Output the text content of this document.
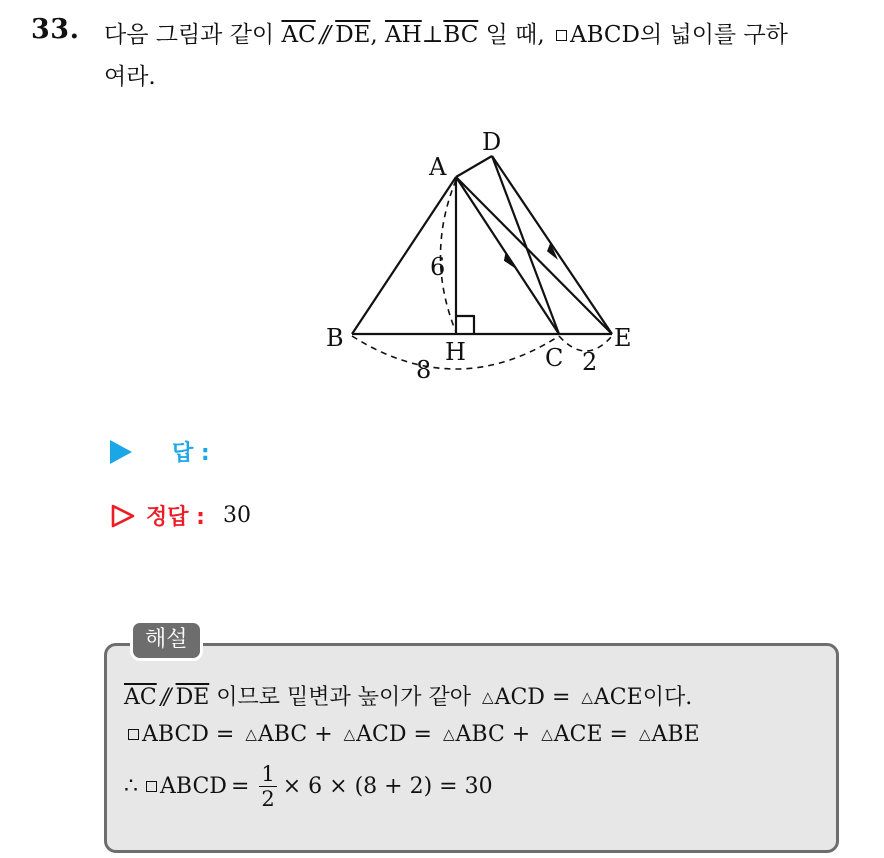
33. 다음 그림과 같이 $\overline{AC} // \overline{DE}$, $\overline{AH}\perp\overline{BC}$ 일 때, ABCD의 넓이를 구하
여라.
A
D
B	H	C
E
6
8	2
답 :
정답 : 30
해설
$\overline{AC} // \overline{DE}$ 이므로 밑변과 높이가 같아 △ACD = △ACE이다.
ABCD = △ABC + △ACD = △ABC + △ACE = △ABE
∴ ABCD = $\frac{1}{2} \times 6 \times (8 + 2) = 30$
